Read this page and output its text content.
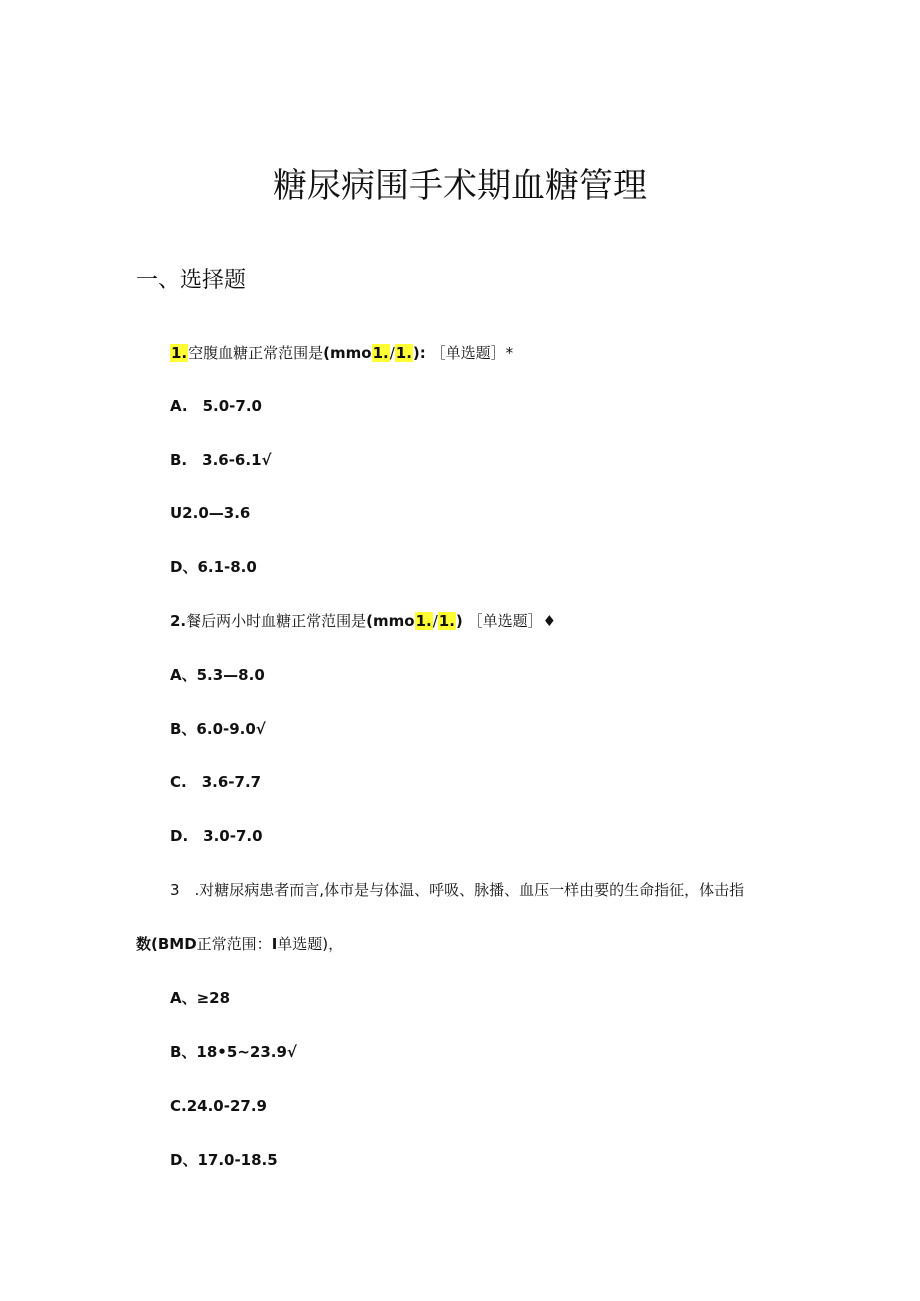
糖尿病围手术期血糖管理
一、选择题
1.空腹血糖正常范围是(mmo1./1.): ［单选题］*
A.　5.0-7.0
B.　3.6-6.1√
U2.0—3.6
D、6.1-8.0
2.餐后两小时血糖正常范围是(mmo1./1.) ［单选题］♦
A、5.3—8.0
B、6.0-9.0√
C.　3.6-7.7
D.　3.0-7.0
3　.对糖尿病患者而言,体市是与体温、呼吸、脉播、血压一样由要的生命指征，体击指
数(BMD正常范围：I单选题)，
A、≥28
B、18•5~23.9√
C.24.0-27.9
D、17.0-18.5
